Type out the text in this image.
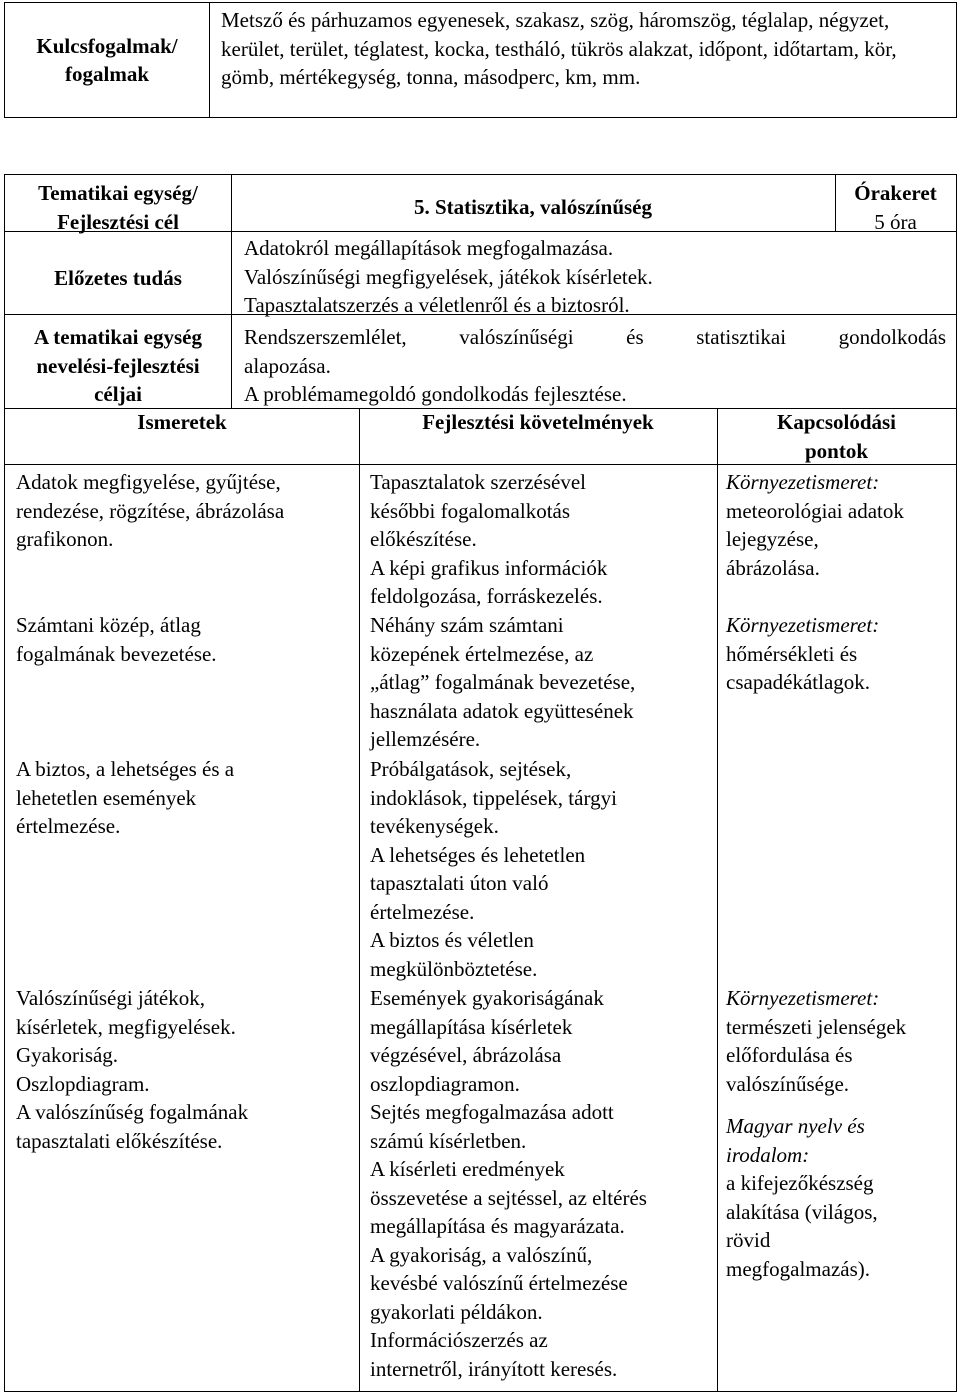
Kulcsfogalmak/
fogalmak

Metsző és párhuzamos egyenesek, szakasz, szög, háromszög, téglalap, négyzet, kerület, terület, téglatest, kocka, testháló, tükrös alakzat, időpont, időtartam, kör, gömb, mértékegység, tonna, másodperc, km, mm.

Tematikai egység/
Fejlesztési cél

5. Statisztika, valószínűség
Órakeret
5 óra
Előzetes tudás
Adatokról megállapítások megfogalmazása.
Valószínűségi megfigyelések, játékok kísérletek.
Tapasztalatszerzés a véletlenről és a biztosról.

A tematikai egység
nevelési-fejlesztési
céljai

Rendszerszemlélet, valószínűségi és statisztikai gondolkodás
alapozása.
A problémamegoldó gondolkodás fejlesztése.
Ismeretek	Fejlesztési követelmények	Kapcsolódási
pontok

Adatok megfigyelése, gyűjtése,
rendezése, rögzítése, ábrázolása
grafikonon.

Tapasztalatok szerzésével
későbbi fogalomalkotás
előkészítése.
A képi grafikus információk
feldolgozása, forráskezelés.

Környezetismeret:

meteorológiai adatok
lejegyzése,
ábrázolása.

Számtani közép, átlag
fogalmának bevezetése.

Néhány szám számtani
közepének értelmezése, az
„átlag” fogalmának bevezetése,
használata adatok együttesének
jellemzésére.

Környezetismeret:

hőmérsékleti és
csapadékátlagok.

A biztos, a lehetséges és a
lehetetlen események
értelmezése.

Próbálgatások, sejtések,
indoklások, tippelések, tárgyi
tevékenységek.
A lehetséges és lehetetlen
tapasztalati úton való
értelmezése.
A biztos és véletlen
megkülönböztetése.

Valószínűségi játékok,
kísérletek, megfigyelések.
Gyakoriság.
Oszlopdiagram.
A valószínűség fogalmának
tapasztalati előkészítése.

Események gyakoriságának
megállapítása kísérletek
végzésével, ábrázolása
oszlopdiagramon.
Sejtés megfogalmazása adott
számú kísérletben.
A kísérleti eredmények
összevetése a sejtéssel, az eltérés
megállapítása és magyarázata.
A gyakoriság, a valószínű,
kevésbé valószínű értelmezése
gyakorlati példákon.
Információszerzés az
internetről, irányított keresés.

Környezetismeret:

természeti jelenségek
előfordulása és
valószínűsége.

Magyar nyelv és
irodalom:

a kifejezőkészség
alakítása (világos,
rövid
megfogalmazás).
